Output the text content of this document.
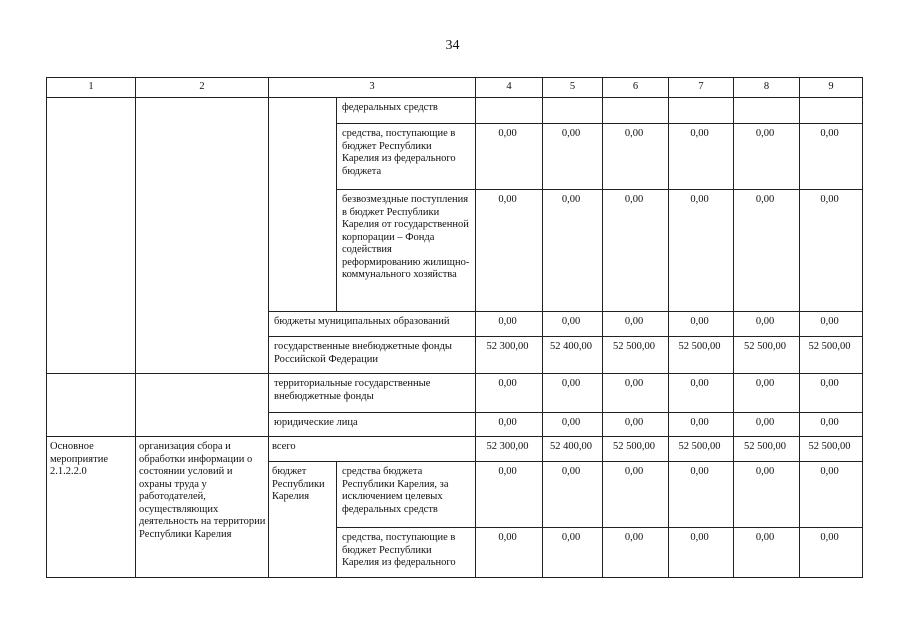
34
1	2	3		4	5	6	7	8	9
			федеральных средств						
			средства, поступающие в бюджет Республики Карелия из федерального бюджета	0,00	0,00	0,00	0,00	0,00	0,00
			безвозмездные поступления в бюджет Республики Карелия от государственной корпорации – Фонда содействия реформированию жилищно-коммунального хозяйства	0,00	0,00	0,00	0,00	0,00	0,00
		бюджеты муниципальных образований		0,00	0,00	0,00	0,00	0,00	0,00
		государственные внебюджетные фонды Российской Федерации		52 300,00	52 400,00	52 500,00	52 500,00	52 500,00	52 500,00
		территориальные государственные внебюджетные фонды		0,00	0,00	0,00	0,00	0,00	0,00
		юридические лица		0,00	0,00	0,00	0,00	0,00	0,00
Основное мероприятие 2.1.2.2.0	организация сбора и обработки информации о состоянии условий и охраны труда у работодателей, осуществляющих деятельность на территории Республики Карелия	всего		52 300,00	52 400,00	52 500,00	52 500,00	52 500,00	52 500,00
		бюджет Республики Карелия	средства бюджета Республики Карелия, за исключением целевых федеральных средств	0,00	0,00	0,00	0,00	0,00	0,00
			средства, поступающие в бюджет Республики Карелия из федерального	0,00	0,00	0,00	0,00	0,00	0,00
